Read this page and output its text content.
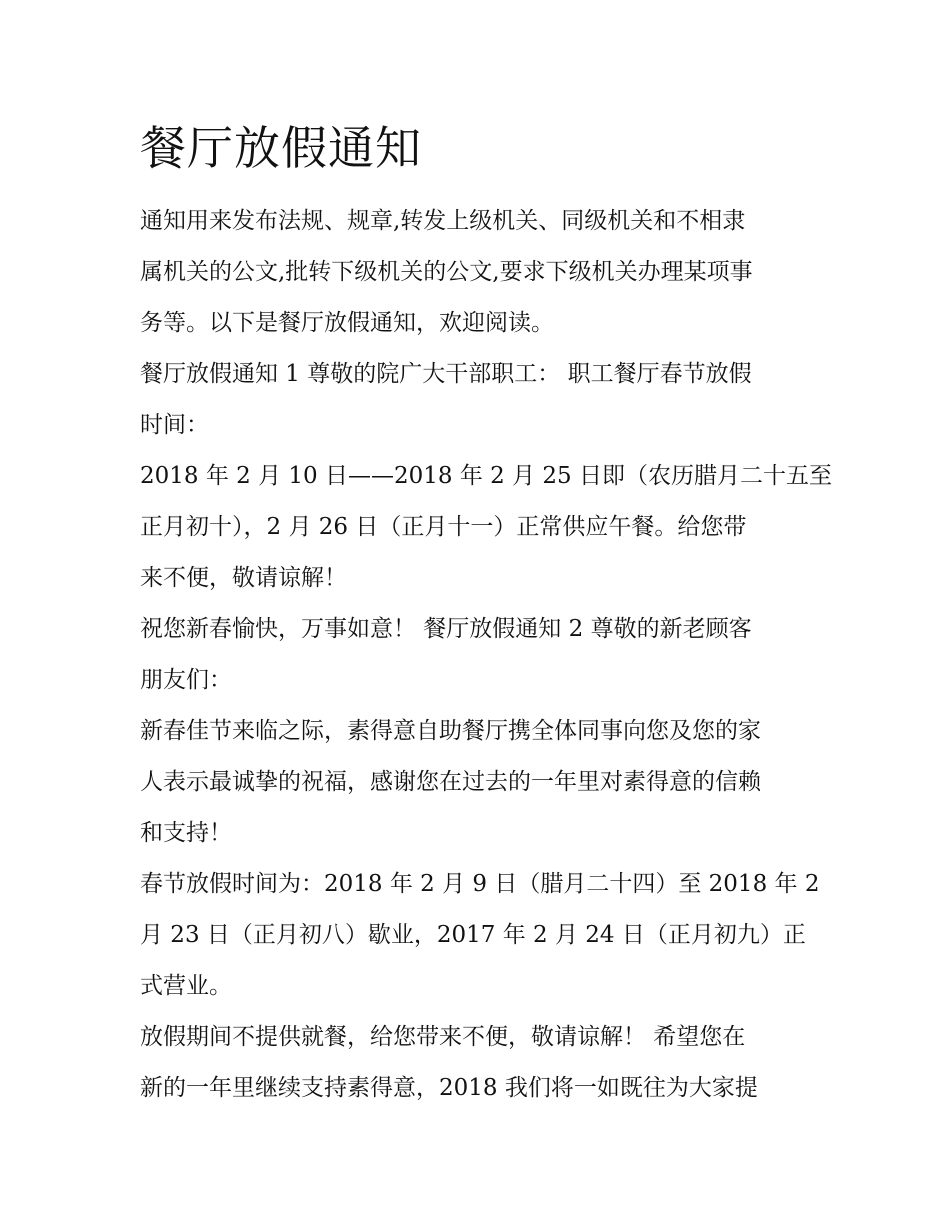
餐厅放假通知

通知用来发布法规、规章,转发上级机关、同级机关和不相隶

属机关的公文,批转下级机关的公文,要求下级机关办理某项事

务等。以下是餐厅放假通知，欢迎阅读。

餐厅放假通知 1 尊敬的院广大干部职工： 职工餐厅春节放假

时间：

2018 年 2 月 10 日——2018 年 2 月 25 日即（农历腊月二十五至

正月初十），2 月 26 日（正月十一）正常供应午餐。给您带

来不便，敬请谅解！

祝您新春愉快，万事如意！ 餐厅放假通知 2 尊敬的新老顾客

朋友们：

新春佳节来临之际，素得意自助餐厅携全体同事向您及您的家

人表示最诚挚的祝福，感谢您在过去的一年里对素得意的信赖

和支持！

春节放假时间为：2018 年 2 月 9 日（腊月二十四）至 2018 年 2

月 23 日（正月初八）歇业，2017 年 2 月 24 日（正月初九）正

式营业。

放假期间不提供就餐，给您带来不便，敬请谅解！ 希望您在

新的一年里继续支持素得意，2018 我们将一如既往为大家提
